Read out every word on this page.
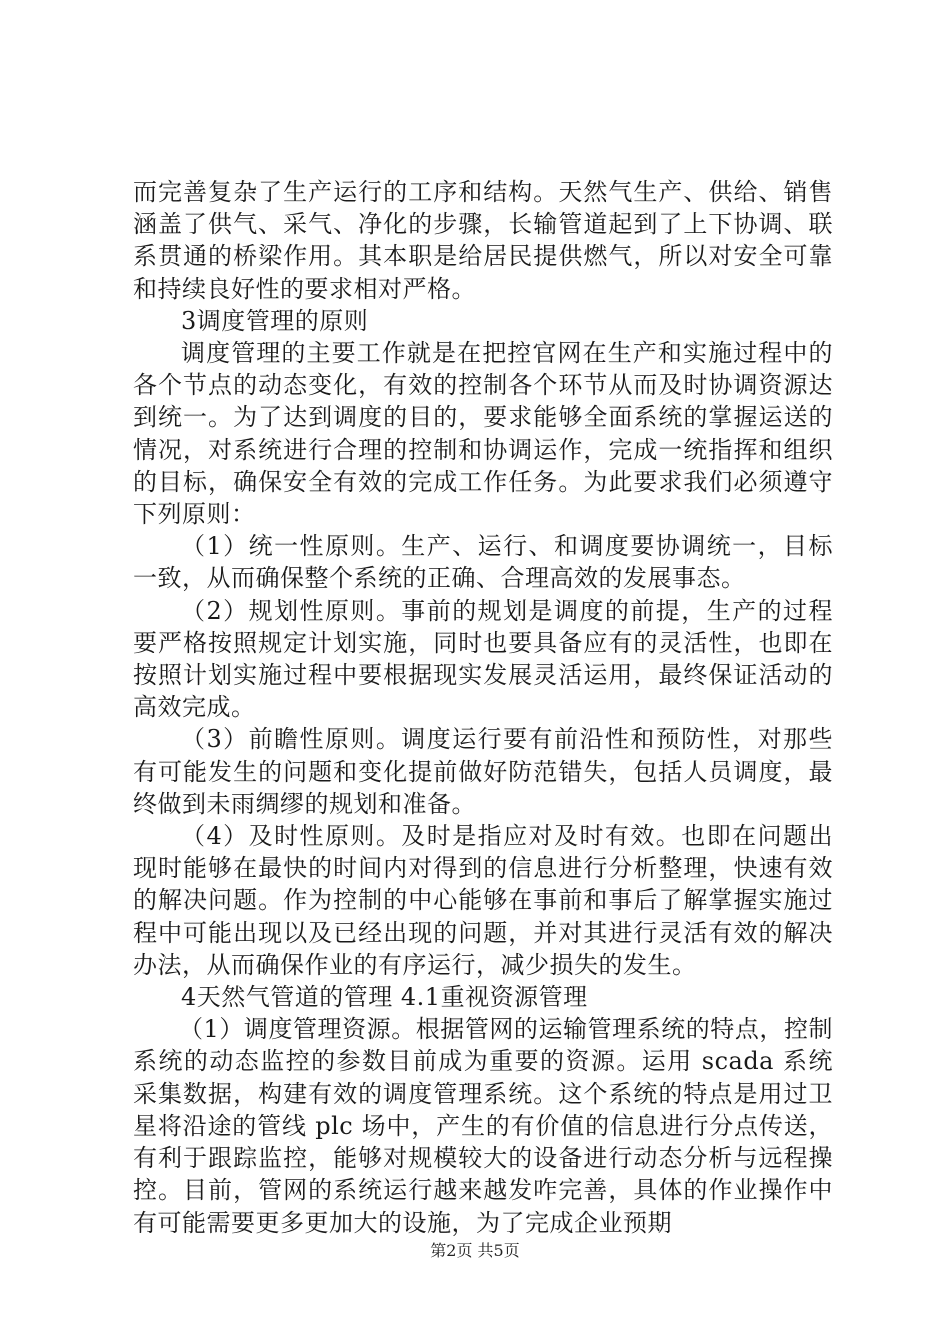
而完善复杂了生产运行的工序和结构。天然气生产、供给、销售涵盖了供气、采气、净化的步骤，长输管道起到了上下协调、联系贯通的桥梁作用。其本职是给居民提供燃气，所以对安全可靠和持续良好性的要求相对严格。

3调度管理的原则

调度管理的主要工作就是在把控官网在生产和实施过程中的各个节点的动态变化，有效的控制各个环节从而及时协调资源达到统一。为了达到调度的目的，要求能够全面系统的掌握运送的情况，对系统进行合理的控制和协调运作，完成一统指挥和组织的目标，确保安全有效的完成工作任务。为此要求我们必须遵守下列原则：

（1）统一性原则。生产、运行、和调度要协调统一，目标一致，从而确保整个系统的正确、合理高效的发展事态。

（2）规划性原则。事前的规划是调度的前提，生产的过程要严格按照规定计划实施，同时也要具备应有的灵活性，也即在按照计划实施过程中要根据现实发展灵活运用，最终保证活动的高效完成。

（3）前瞻性原则。调度运行要有前沿性和预防性，对那些有可能发生的问题和变化提前做好防范错失，包括人员调度，最终做到未雨绸缪的规划和准备。

（4）及时性原则。及时是指应对及时有效。也即在问题出现时能够在最快的时间内对得到的信息进行分析整理，快速有效的解决问题。作为控制的中心能够在事前和事后了解掌握实施过程中可能出现以及已经出现的问题，并对其进行灵活有效的解决办法，从而确保作业的有序运行，减少损失的发生。

4天然气管道的管理 4.1重视资源管理

（1）调度管理资源。根据管网的运输管理系统的特点，控制系统的动态监控的参数目前成为重要的资源。运用 scada 系统采集数据，构建有效的调度管理系统。这个系统的特点是用过卫星将沿途的管线 plc 场中，产生的有价值的信息进行分点传送，有利于跟踪监控，能够对规模较大的设备进行动态分析与远程操控。目前，管网的系统运行越来越发咋完善，具体的作业操作中有可能需要更多更加大的设施，为了完成企业预期

第2页 共5页
